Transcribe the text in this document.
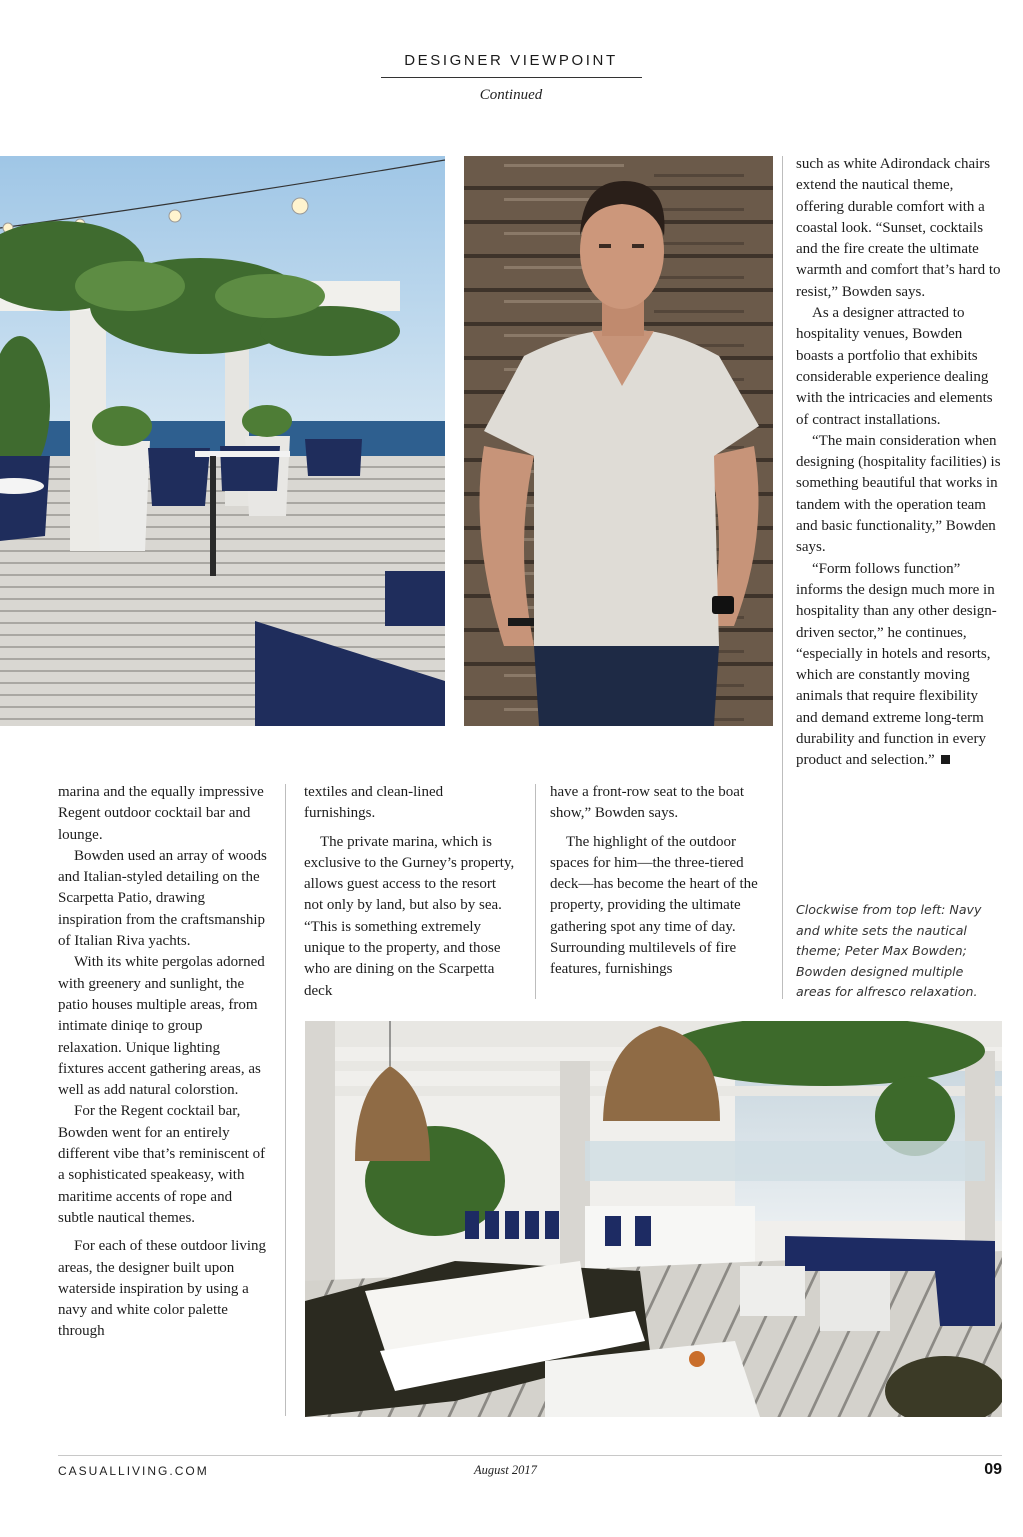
DESIGNER VIEWPOINT
Continued

such as white Adirondack chairs extend the nautical theme, offering durable comfort with a coastal look. “Sunset, cocktails and the fire create the ultimate warmth and comfort that’s hard to resist,” Bowden says.

As a designer attracted to hospitality venues, Bowden boasts a portfolio that exhibits considerable experience dealing with the intricacies and elements of contract installations.

“The main consideration when designing (hospitality facilities) is something beautiful that works in tandem with the operation team and basic functionality,” Bowden says.

“Form follows function” informs the design much more in hospitality than any other design-driven sector,” he continues, “especially in hotels and resorts, which are constantly moving animals that require flexibility and demand extreme long-term durability and function in every product and selection.”

Clockwise from top left: Navy and white sets the nautical theme; Peter Max Bowden; Bowden designed multiple areas for alfresco relaxation.

marina and the equally impressive Regent outdoor cocktail bar and lounge.

Bowden used an array of woods and Italian-styled detailing on the Scarpetta Patio, drawing inspiration from the craftsmanship of Italian Riva yachts.

With its white pergolas adorned with greenery and sunlight, the patio houses multiple areas, from intimate diniqe to group relaxation. Unique lighting fixtures accent gathering areas, as well as add natural colorstion.

For the Regent cocktail bar, Bowden went for an entirely different vibe that’s reminiscent of a sophisticated speakeasy, with maritime accents of rope and subtle nautical themes.

For each of these outdoor living areas, the designer built upon waterside inspiration by using a navy and white color palette through

textiles and clean-lined furnishings.

The private marina, which is exclusive to the Gurney’s property, allows guest access to the resort not only by land, but also by sea. “This is something extremely unique to the property, and those who are dining on the Scarpetta deck

have a front-row seat to the boat show,” Bowden says.

The highlight of the outdoor spaces for him—the three-tiered deck—has become the heart of the property, providing the ultimate gathering spot any time of day. Surrounding multilevels of fire features, furnishings

CASUALLIVING.COM	August 2017	09
